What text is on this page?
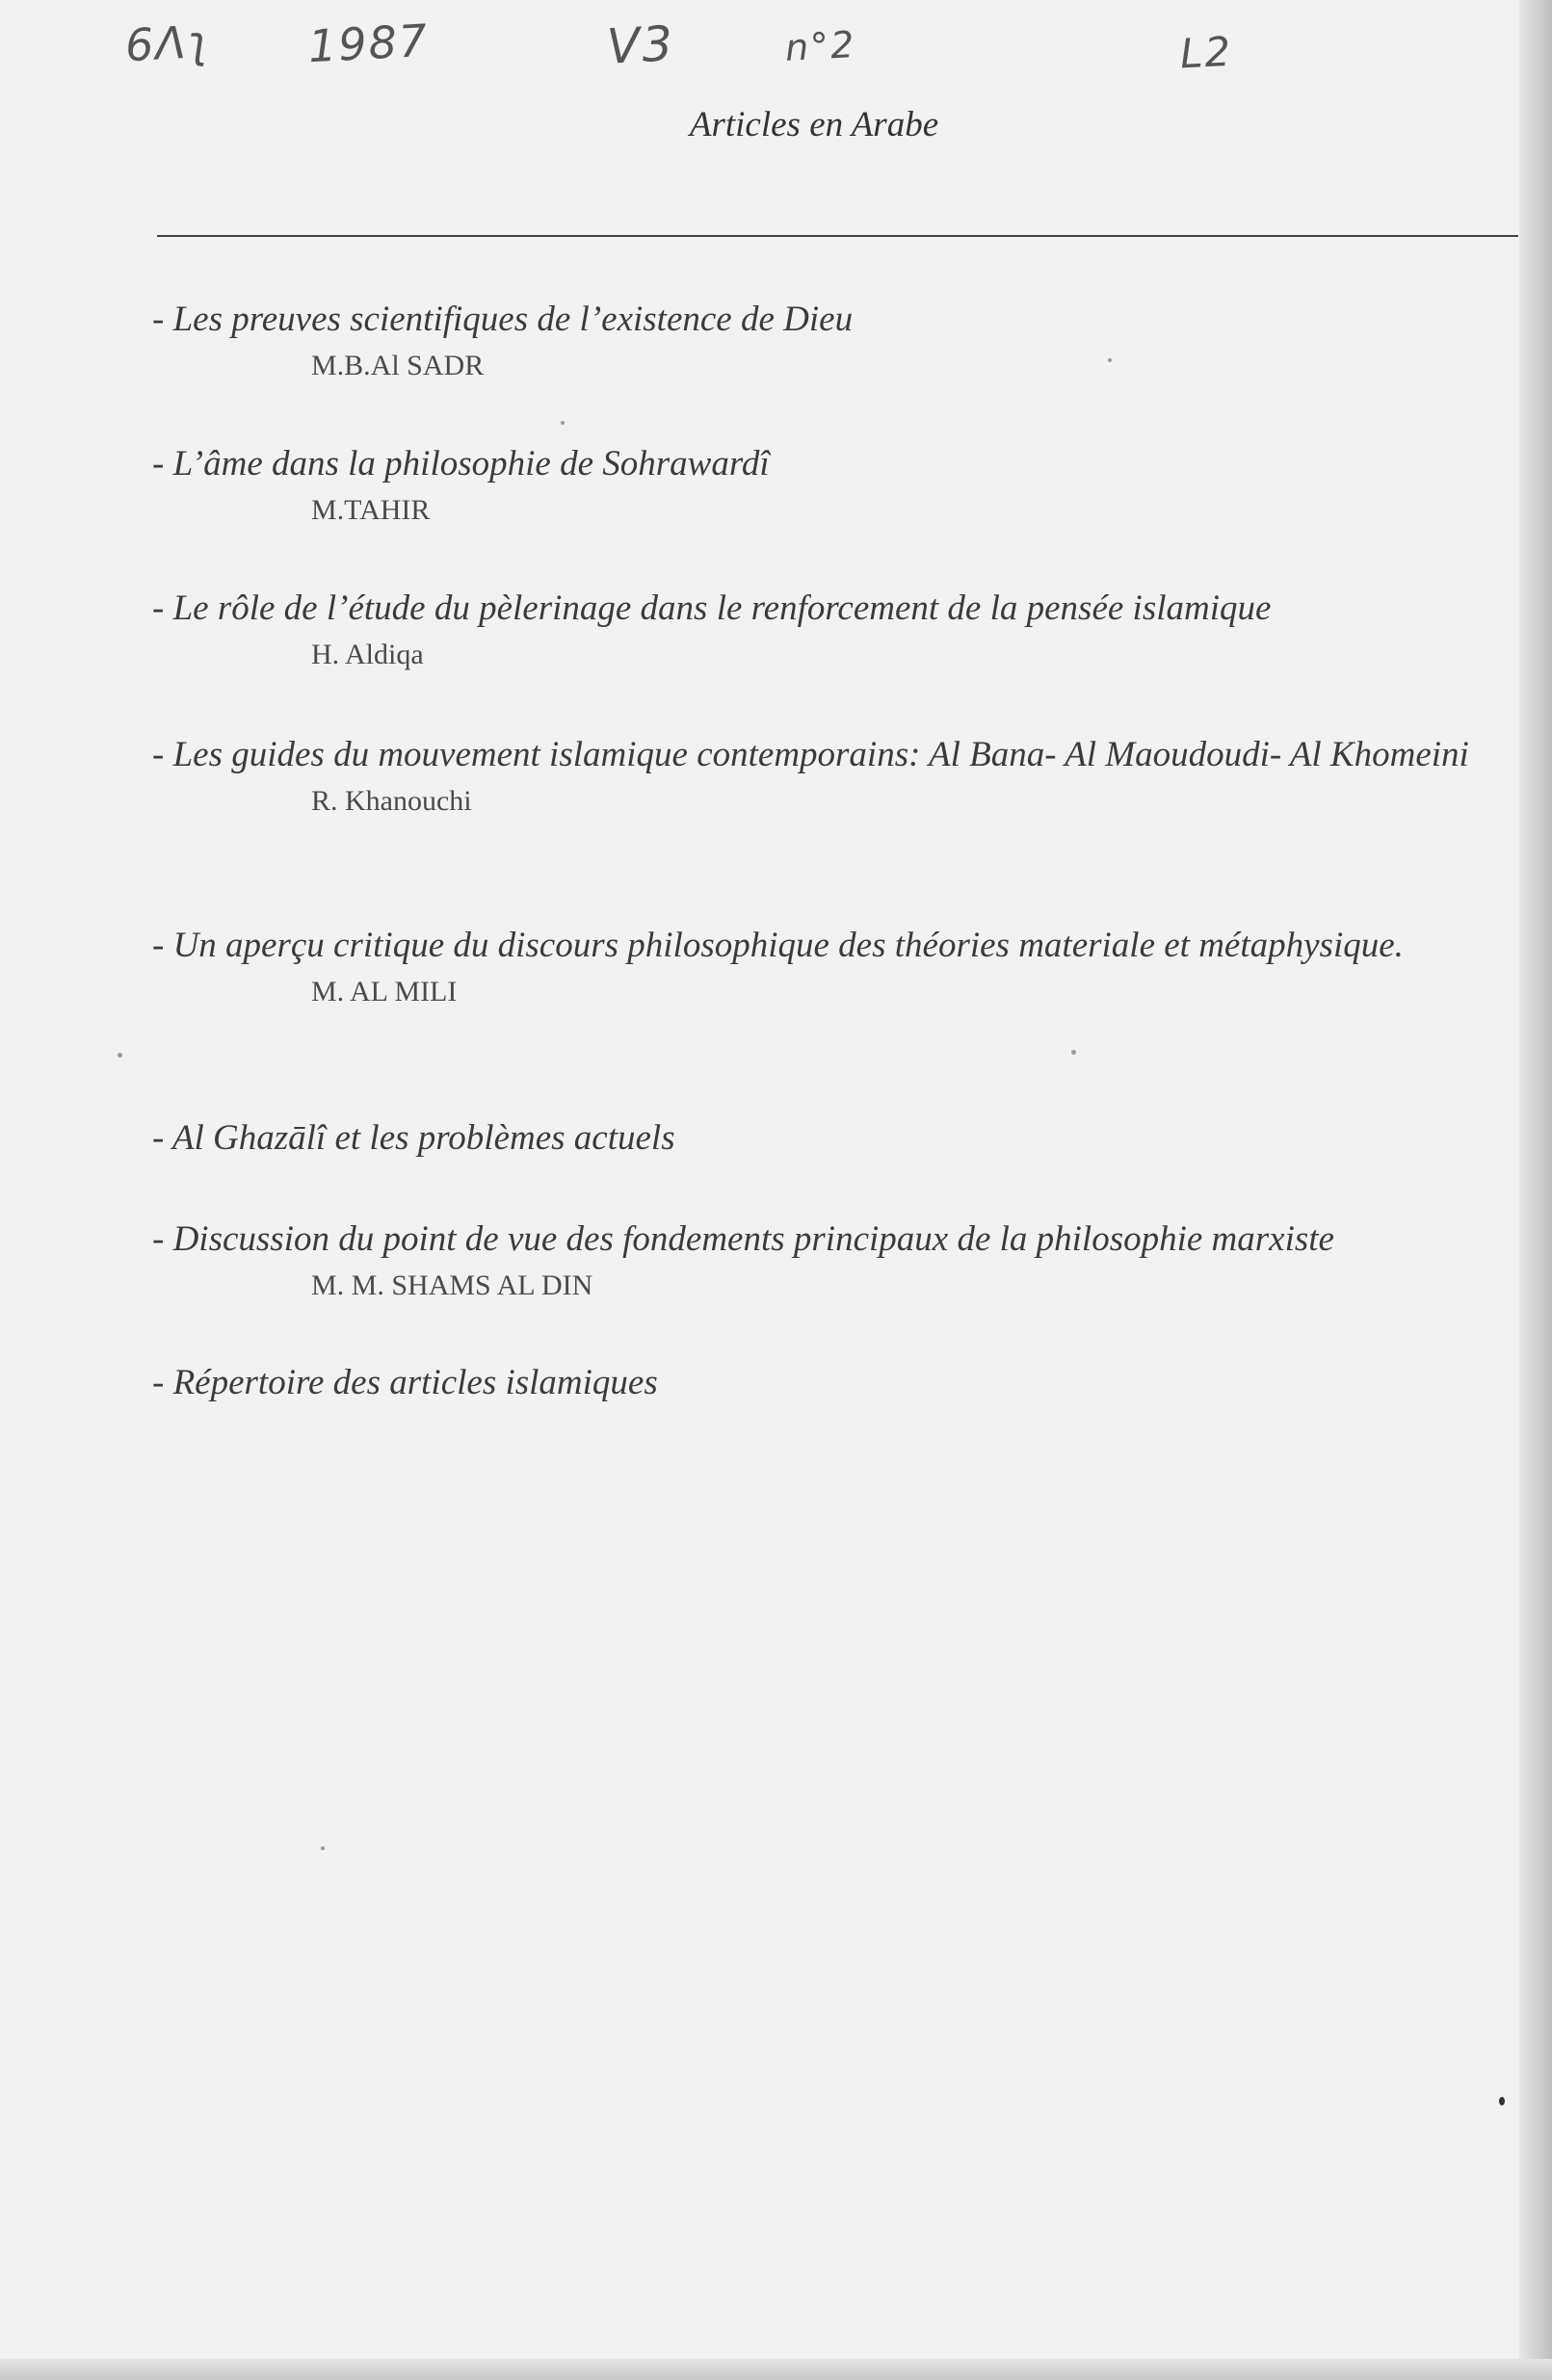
6Λʅ 1987	V3	n°2	L2
Articles en Arabe

- Les preuves scientifiques de l’existence de Dieu

M.B.Al SADR

- L’âme dans la philosophie de Sohrawardî

M.TAHIR

- Le rôle de l’étude du pèlerinage dans le renforcement de la pensée islamique

H. Aldiqa

- Les guides du mouvement islamique contemporains: Al Bana- Al Maoudoudi- Al Khomeini

R. Khanouchi

- Un aperçu critique du discours philosophique des théories materiale et métaphysique.

M. AL MILI

- Al Ghazālî et les problèmes actuels

- Discussion du point de vue des fondements principaux de la philosophie marxiste

M. M. SHAMS AL DIN

- Répertoire des articles islamiques
